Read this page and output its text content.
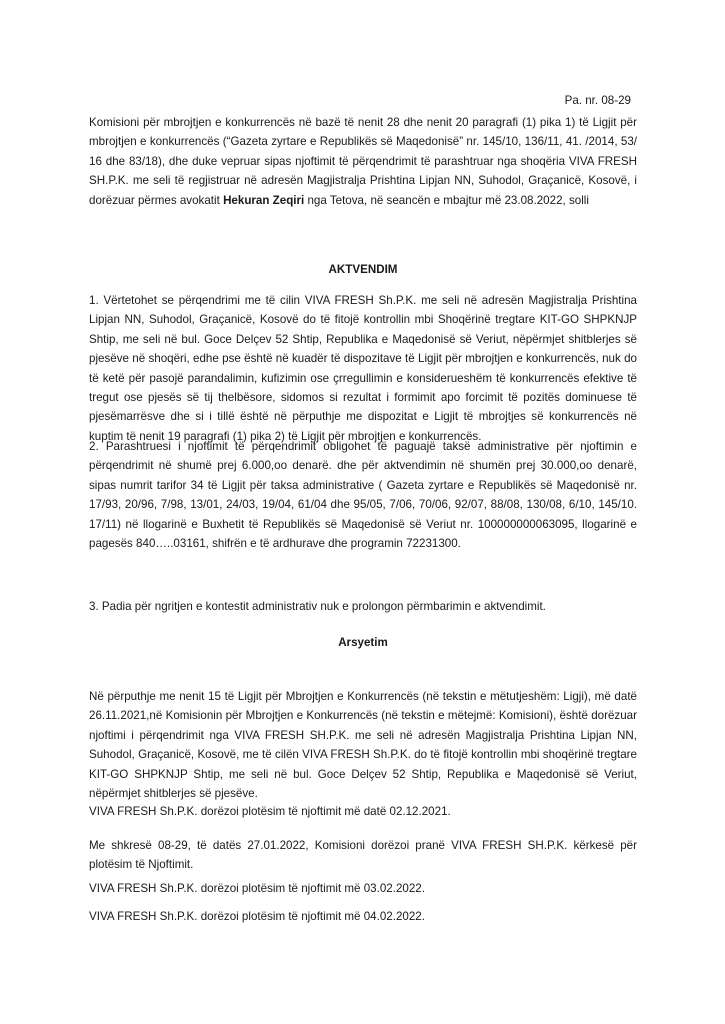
Pa. nr. 08-29

Komisioni për mbrojtjen e konkurrencës në bazë të nenit 28 dhe nenit 20 paragrafi (1) pika 1) të Ligjit për mbrojtjen e konkurrencës (“Gazeta zyrtare e Republikës së Maqedonisë” nr. 145/10, 136/11, 41. /2014, 53/ 16 dhe 83/18), dhe duke vepruar sipas njoftimit të përqendrimit të parashtruar nga shoqëria VIVA FRESH SH.P.K. me seli të regjistruar në adresën Magjistralja Prishtina Lipjan NN, Suhodol, Graçanicë, Kosovë, i dorëzuar përmes avokatit Hekuran Zeqiri nga Tetova, në seancën e mbajtur më 23.08.2022, solli

AKTVENDIM

1. Vërtetohet se përqendrimi me të cilin VIVA FRESH Sh.P.K. me seli në adresën Magjistralja Prishtina Lipjan NN, Suhodol, Graçanicë, Kosovë do të fitojë kontrollin mbi Shoqërinë tregtare KIT-GO SHPKNJP Shtip, me seli në bul. Goce Delçev 52 Shtip, Republika e Maqedonisë së Veriut, nëpërmjet shitblerjes së pjesëve në shoqëri, edhe pse është në kuadër të dispozitave të Ligjit për mbrojtjen e konkurrencës, nuk do të ketë për pasojë parandalimin, kufizimin ose çrregullimin e konsiderueshëm të konkurrencës efektive të tregut ose pjesës së tij thelbësore, sidomos si rezultat i formimit apo forcimit të pozitës dominuese të pjesëmarrësve dhe si i tillë është në përputhje me dispozitat e Ligjit të mbrojtjes së konkurrencës në kuptim të nenit 19 paragrafi (1) pika 2) të Ligjit për mbrojtjen e konkurrencës.

2. Parashtruesi i njoftimit të përqendrimit obligohet të paguajë taksë administrative për njoftimin e përqendrimit në shumë prej 6.000,oo denarë. dhe për aktvendimin në shumën prej 30.000,oo denarë, sipas numrit tarifor 34 të Ligjit për taksa administrative ( Gazeta zyrtare e Republikës së Maqedonisë nr. 17/93, 20/96, 7/98, 13/01, 24/03, 19/04, 61/04 dhe 95/05, 7/06, 70/06, 92/07, 88/08, 130/08, 6/10, 145/10. 17/11) në llogarinë e Buxhetit të Republikës së Maqedonisë së Veriut nr. 100000000063095, llogarinë e pagesës 840…..03161, shifrën e të ardhurave dhe programin 72231300.

3. Padia për ngritjen e kontestit administrativ nuk e prolongon përmbarimin e aktvendimit.

Arsyetim

Në përputhje me nenit 15 të Ligjit për Mbrojtjen e Konkurrencës (në tekstin e mëtutjeshëm: Ligji), më datë 26.11.2021,në Komisionin për Mbrojtjen e Konkurrencës (në tekstin e mëtejmë: Komisioni), është dorëzuar njoftimi i përqendrimit nga VIVA FRESH SH.P.K. me seli në adresën Magjistralja Prishtina Lipjan NN, Suhodol, Graçanicë, Kosovë, me të cilën VIVA FRESH Sh.P.K. do të fitojë kontrollin mbi shoqërinë tregtare KIT-GO SHPKNJP Shtip, me seli në bul. Goce Delçev 52 Shtip, Republika e Maqedonisë së Veriut, nëpërmjet shitblerjes së pjesëve.

VIVA FRESH Sh.P.K. dorëzoi plotësim të njoftimit më datë 02.12.2021.

Me shkresë 08-29, të datës 27.01.2022, Komisioni dorëzoi pranë VIVA FRESH SH.P.K. kërkesë për plotësim të Njoftimit.

VIVA FRESH Sh.P.K. dorëzoi plotësim të njoftimit më 03.02.2022.

VIVA FRESH Sh.P.K. dorëzoi plotësim të njoftimit më 04.02.2022.
